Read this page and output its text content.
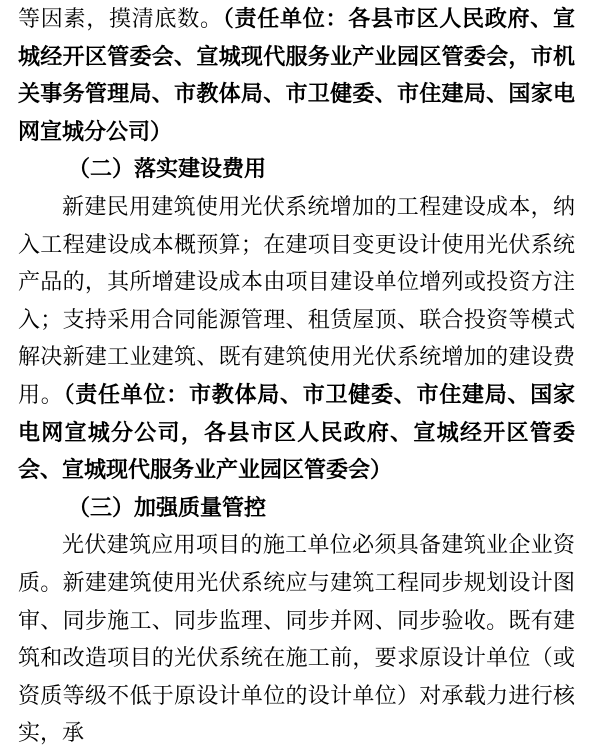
等因素，摸清底数。（责任单位：各县市区人民政府、宣城经开区管委会、宣城现代服务业产业园区管委会，市机关事务管理局、市教体局、市卫健委、市住建局、国家电网宣城分公司）

（二）落实建设费用

新建民用建筑使用光伏系统增加的工程建设成本，纳入工程建设成本概预算；在建项目变更设计使用光伏系统产品的，其所增建设成本由项目建设单位增列或投资方注入；支持采用合同能源管理、租赁屋顶、联合投资等模式解决新建工业建筑、既有建筑使用光伏系统增加的建设费用。（责任单位：市教体局、市卫健委、市住建局、国家电网宣城分公司，各县市区人民政府、宣城经开区管委会、宣城现代服务业产业园区管委会）

（三）加强质量管控

光伏建筑应用项目的施工单位必须具备建筑业企业资质。新建建筑使用光伏系统应与建筑工程同步规划设计图审、同步施工、同步监理、同步并网、同步验收。既有建筑和改造项目的光伏系统在施工前，要求原设计单位（或资质等级不低于原设计单位的设计单位）对承载力进行核实，承
